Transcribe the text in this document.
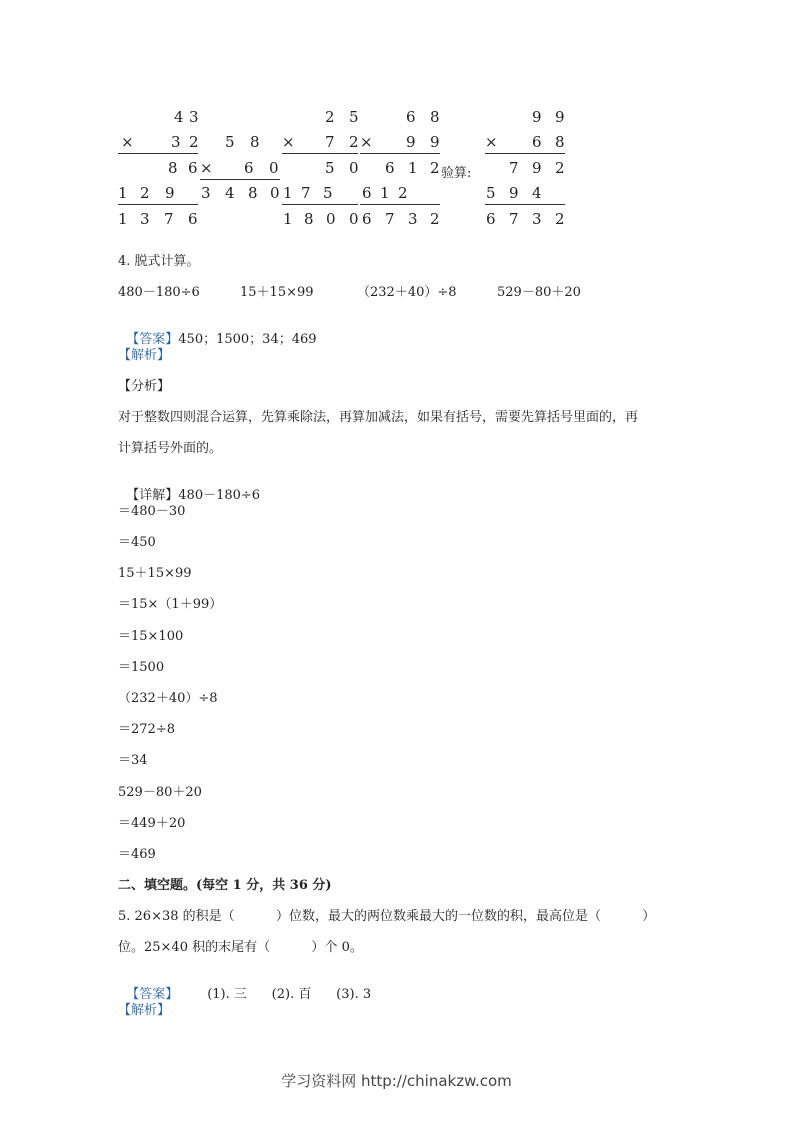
4 3
× 3 2
8 6
1 2 9
1 3 7 6
5 8
× 6 0
3 4 8 0
2 5
× 7 2
5 0
1 7 5
1 8 0 0
6 8
× 9 9
6 1 2
6 1 2
6 7 3 2
验算:
9 9
× 6 8
7 9 2
5 9 4
6 7 3 2
4. 脱式计算。
480－180÷6	15＋15×99	（232＋40）÷8	529－80＋20

【答案】450；1500；34；469

【解析】
【分析】
对于整数四则混合运算，先算乘除法，再算加减法，如果有括号，需要先算括号里面的，再
计算括号外面的。

【详解】480－180÷6

＝480－30
＝450
15＋15×99
＝15×（1＋99）
＝15×100
＝1500
（232＋40）÷8
＝272÷8
＝34
529－80＋20
＝449＋20
＝469
二、填空题。(每空 1 分，共 36 分)
5. 26×38 的积是（          ）位数，最大的两位数乘最大的一位数的积，最高位是（          ）
位。25×40 积的末尾有（          ）个 0。

【答案】       (1). 三      (2). 百      (3). 3

【解析】
学习资料网 http://chinakzw.com
